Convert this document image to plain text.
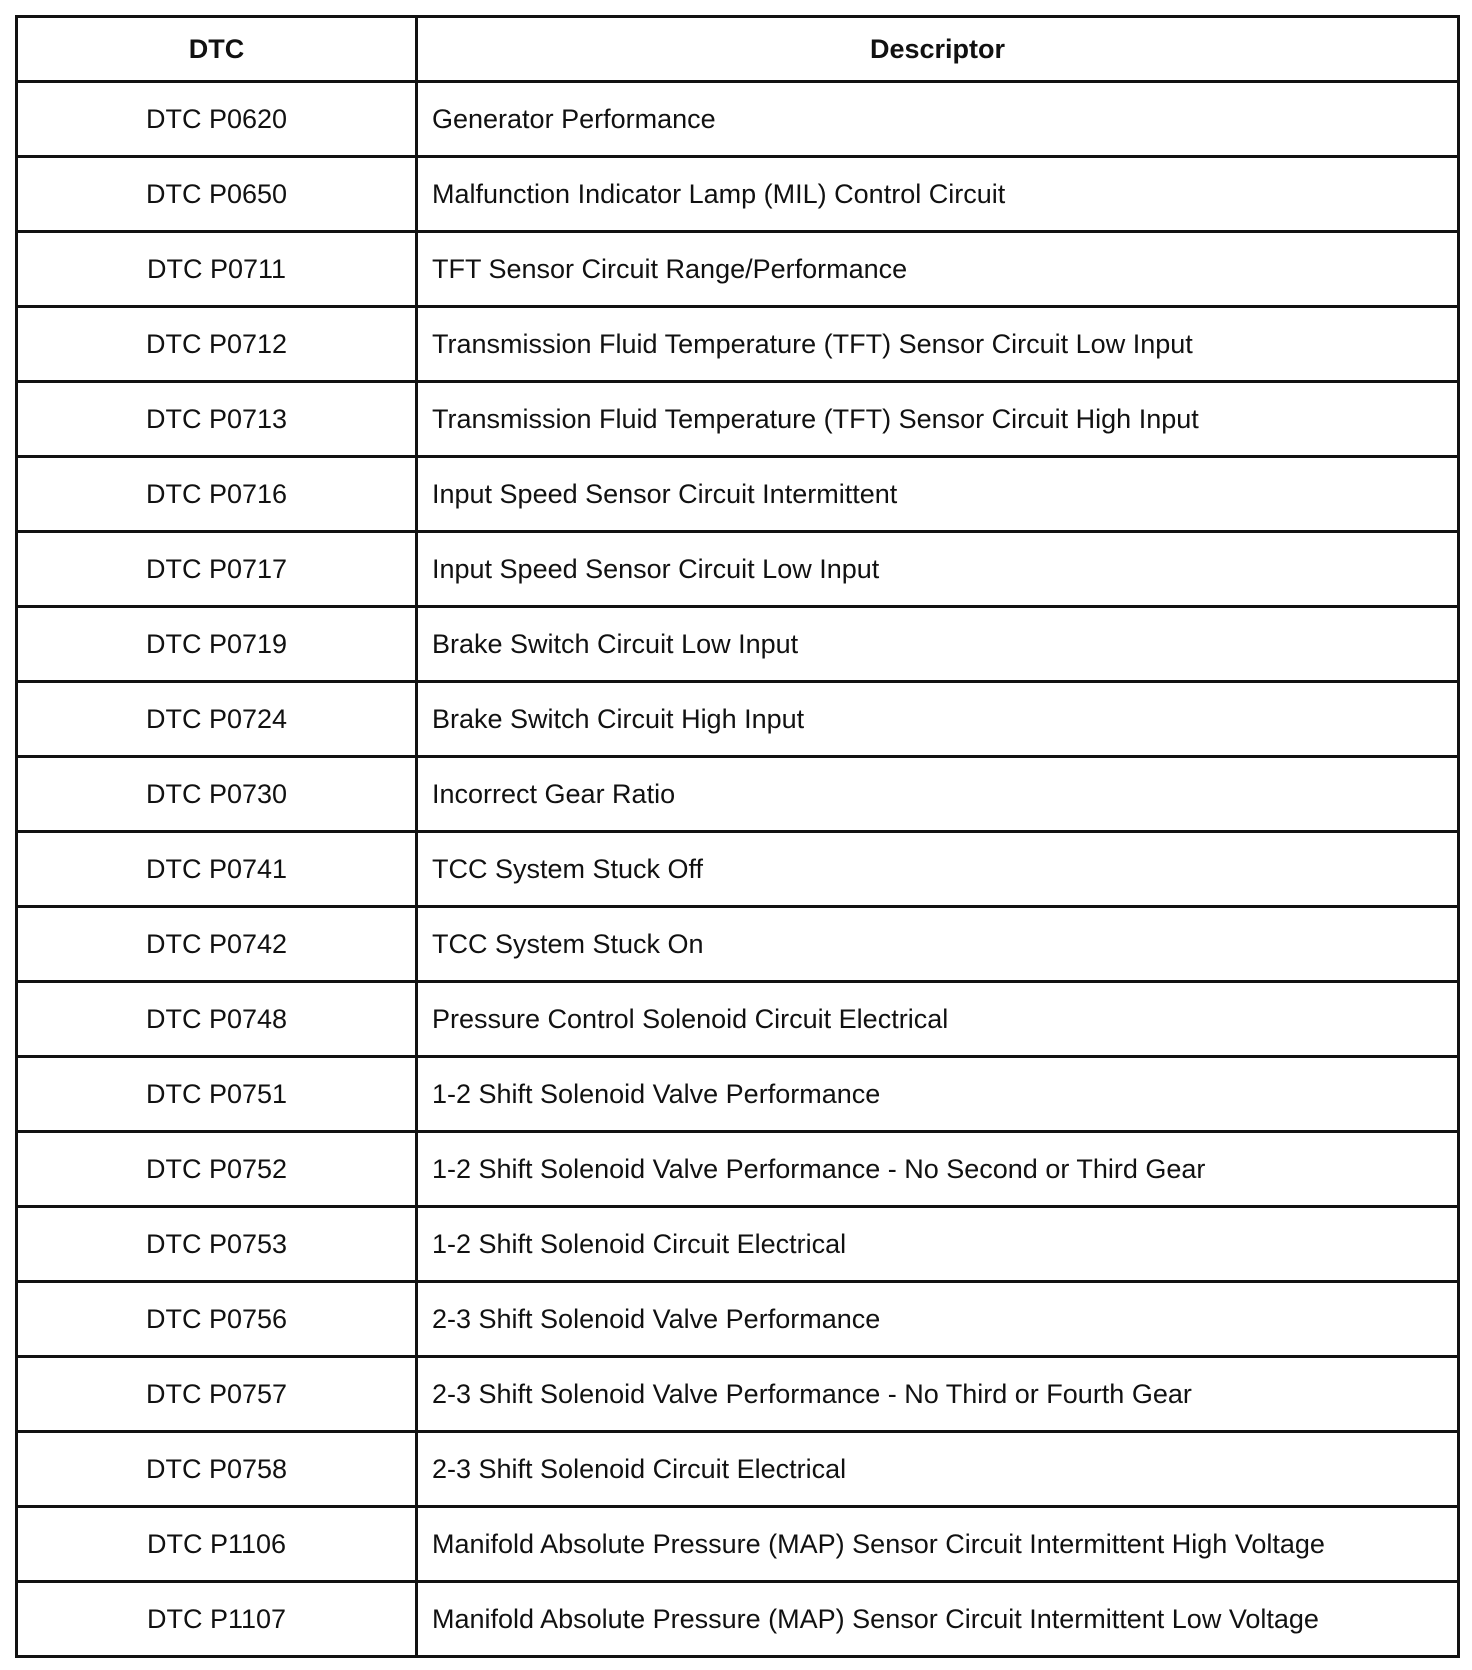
DTC	Descriptor
DTC P0620	Generator Performance
DTC P0650	Malfunction Indicator Lamp (MIL) Control Circuit
DTC P0711	TFT Sensor Circuit Range/Performance
DTC P0712	Transmission Fluid Temperature (TFT) Sensor Circuit Low Input
DTC P0713	Transmission Fluid Temperature (TFT) Sensor Circuit High Input
DTC P0716	Input Speed Sensor Circuit Intermittent
DTC P0717	Input Speed Sensor Circuit Low Input
DTC P0719	Brake Switch Circuit Low Input
DTC P0724	Brake Switch Circuit High Input
DTC P0730	Incorrect Gear Ratio
DTC P0741	TCC System Stuck Off
DTC P0742	TCC System Stuck On
DTC P0748	Pressure Control Solenoid Circuit Electrical
DTC P0751	1-2 Shift Solenoid Valve Performance
DTC P0752	1-2 Shift Solenoid Valve Performance - No Second or Third Gear
DTC P0753	1-2 Shift Solenoid Circuit Electrical
DTC P0756	2-3 Shift Solenoid Valve Performance
DTC P0757	2-3 Shift Solenoid Valve Performance - No Third or Fourth Gear
DTC P0758	2-3 Shift Solenoid Circuit Electrical
DTC P1106	Manifold Absolute Pressure (MAP) Sensor Circuit Intermittent High Voltage
DTC P1107	Manifold Absolute Pressure (MAP) Sensor Circuit Intermittent Low Voltage
